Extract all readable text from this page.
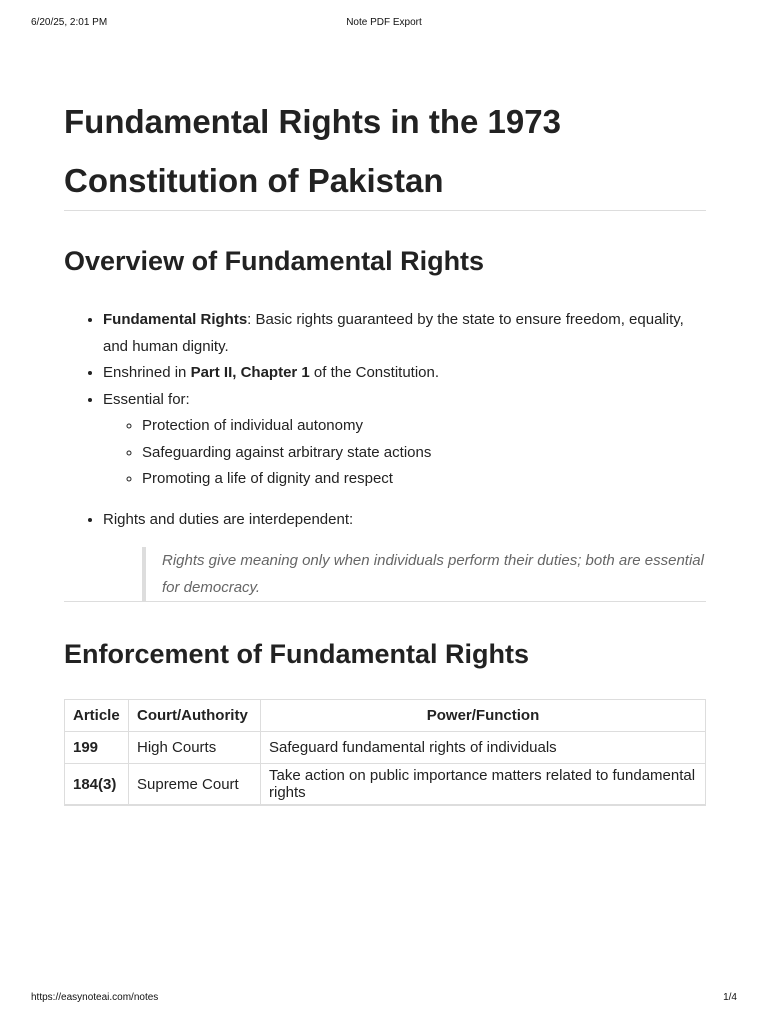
6/20/25, 2:01 PM	Note PDF Export
Fundamental Rights in the 1973
Constitution of Pakistan
Overview of Fundamental Rights
• Fundamental Rights: Basic rights guaranteed by the state to ensure freedom, equality, and human dignity.
• Enshrined in Part II, Chapter 1 of the Constitution.
• Essential for:
◦ Protection of individual autonomy
◦ Safeguarding against arbitrary state actions
◦ Promoting a life of dignity and respect
• Rights and duties are interdependent:
Rights give meaning only when individuals perform their duties; both are essential for democracy.
Enforcement of Fundamental Rights
Article	Court/Authority	Power/Function
199	High Courts	Safeguard fundamental rights of individuals
184(3)	Supreme Court	Take action on public importance matters related to fundamental rights
https://easynoteai.com/notes	1/4
